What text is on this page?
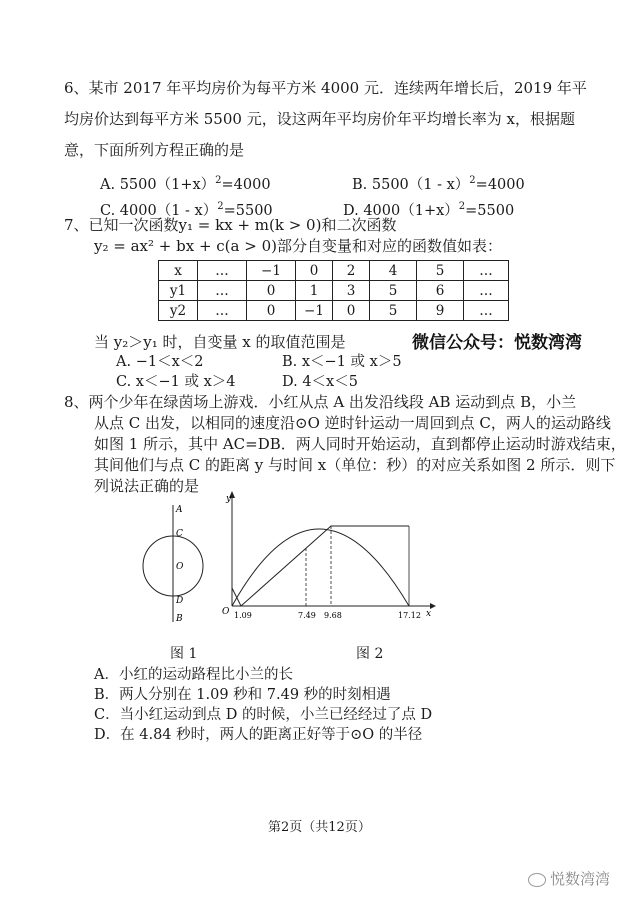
6、某市 2017 年平均房价为每平方米 4000 元．连续两年增长后，2019 年平
均房价达到每平方米 5500 元，设这两年平均房价年平均增长率为 x，根据题
意，下面所列方程正确的是
A. $5500(1+x)^2=4000$	B. 5500（1 - x）$^2$=4000
C. 4000（1 - x）$^2$=5500	D. $4000(1+x)^2=5500$
7、已知一次函数y₁ = kx + m(k > 0)和二次函数
y₂ = ax² + bx + c(a > 0)部分自变量和对应的函数值如表：
x	…	−1	0	2	4	5	…
y1	…	0	1	3	5	6	…
y2	…	0	−1	0	5	9	…
当 y₂＞y₁ 时，自变量 x 的取值范围是	微信公众号：悦数湾湾
A. −1＜x＜2	B. x＜−1 或 x＞5
C. x＜−1 或 x＞4	D. 4＜x＜5
8、两个少年在绿茵场上游戏．小红从点 A 出发沿线段 AB 运动到点 B，小兰
从点 C 出发，以相同的速度沿⊙O 逆时针运动一周回到点 C，两人的运动路线
如图 1 所示，其中 AC=DB．两人同时开始运动，直到都停止运动时游戏结束，
其间他们与点 C 的距离 y 与时间 x（单位：秒）的对应关系如图 2 所示．则下
列说法正确的是
A
C
O
D
B
y
x
O 1.09	7.49 9.68	17.12
图 1	图 2
A．小红的运动路程比小兰的长
B．两人分别在 1.09 秒和 7.49 秒的时刻相遇
C．当小红运动到点 D 的时候，小兰已经经过了点 D
D．在 4.84 秒时，两人的距离正好等于⊙O 的半径
第2页（共12页）
悦数湾湾
